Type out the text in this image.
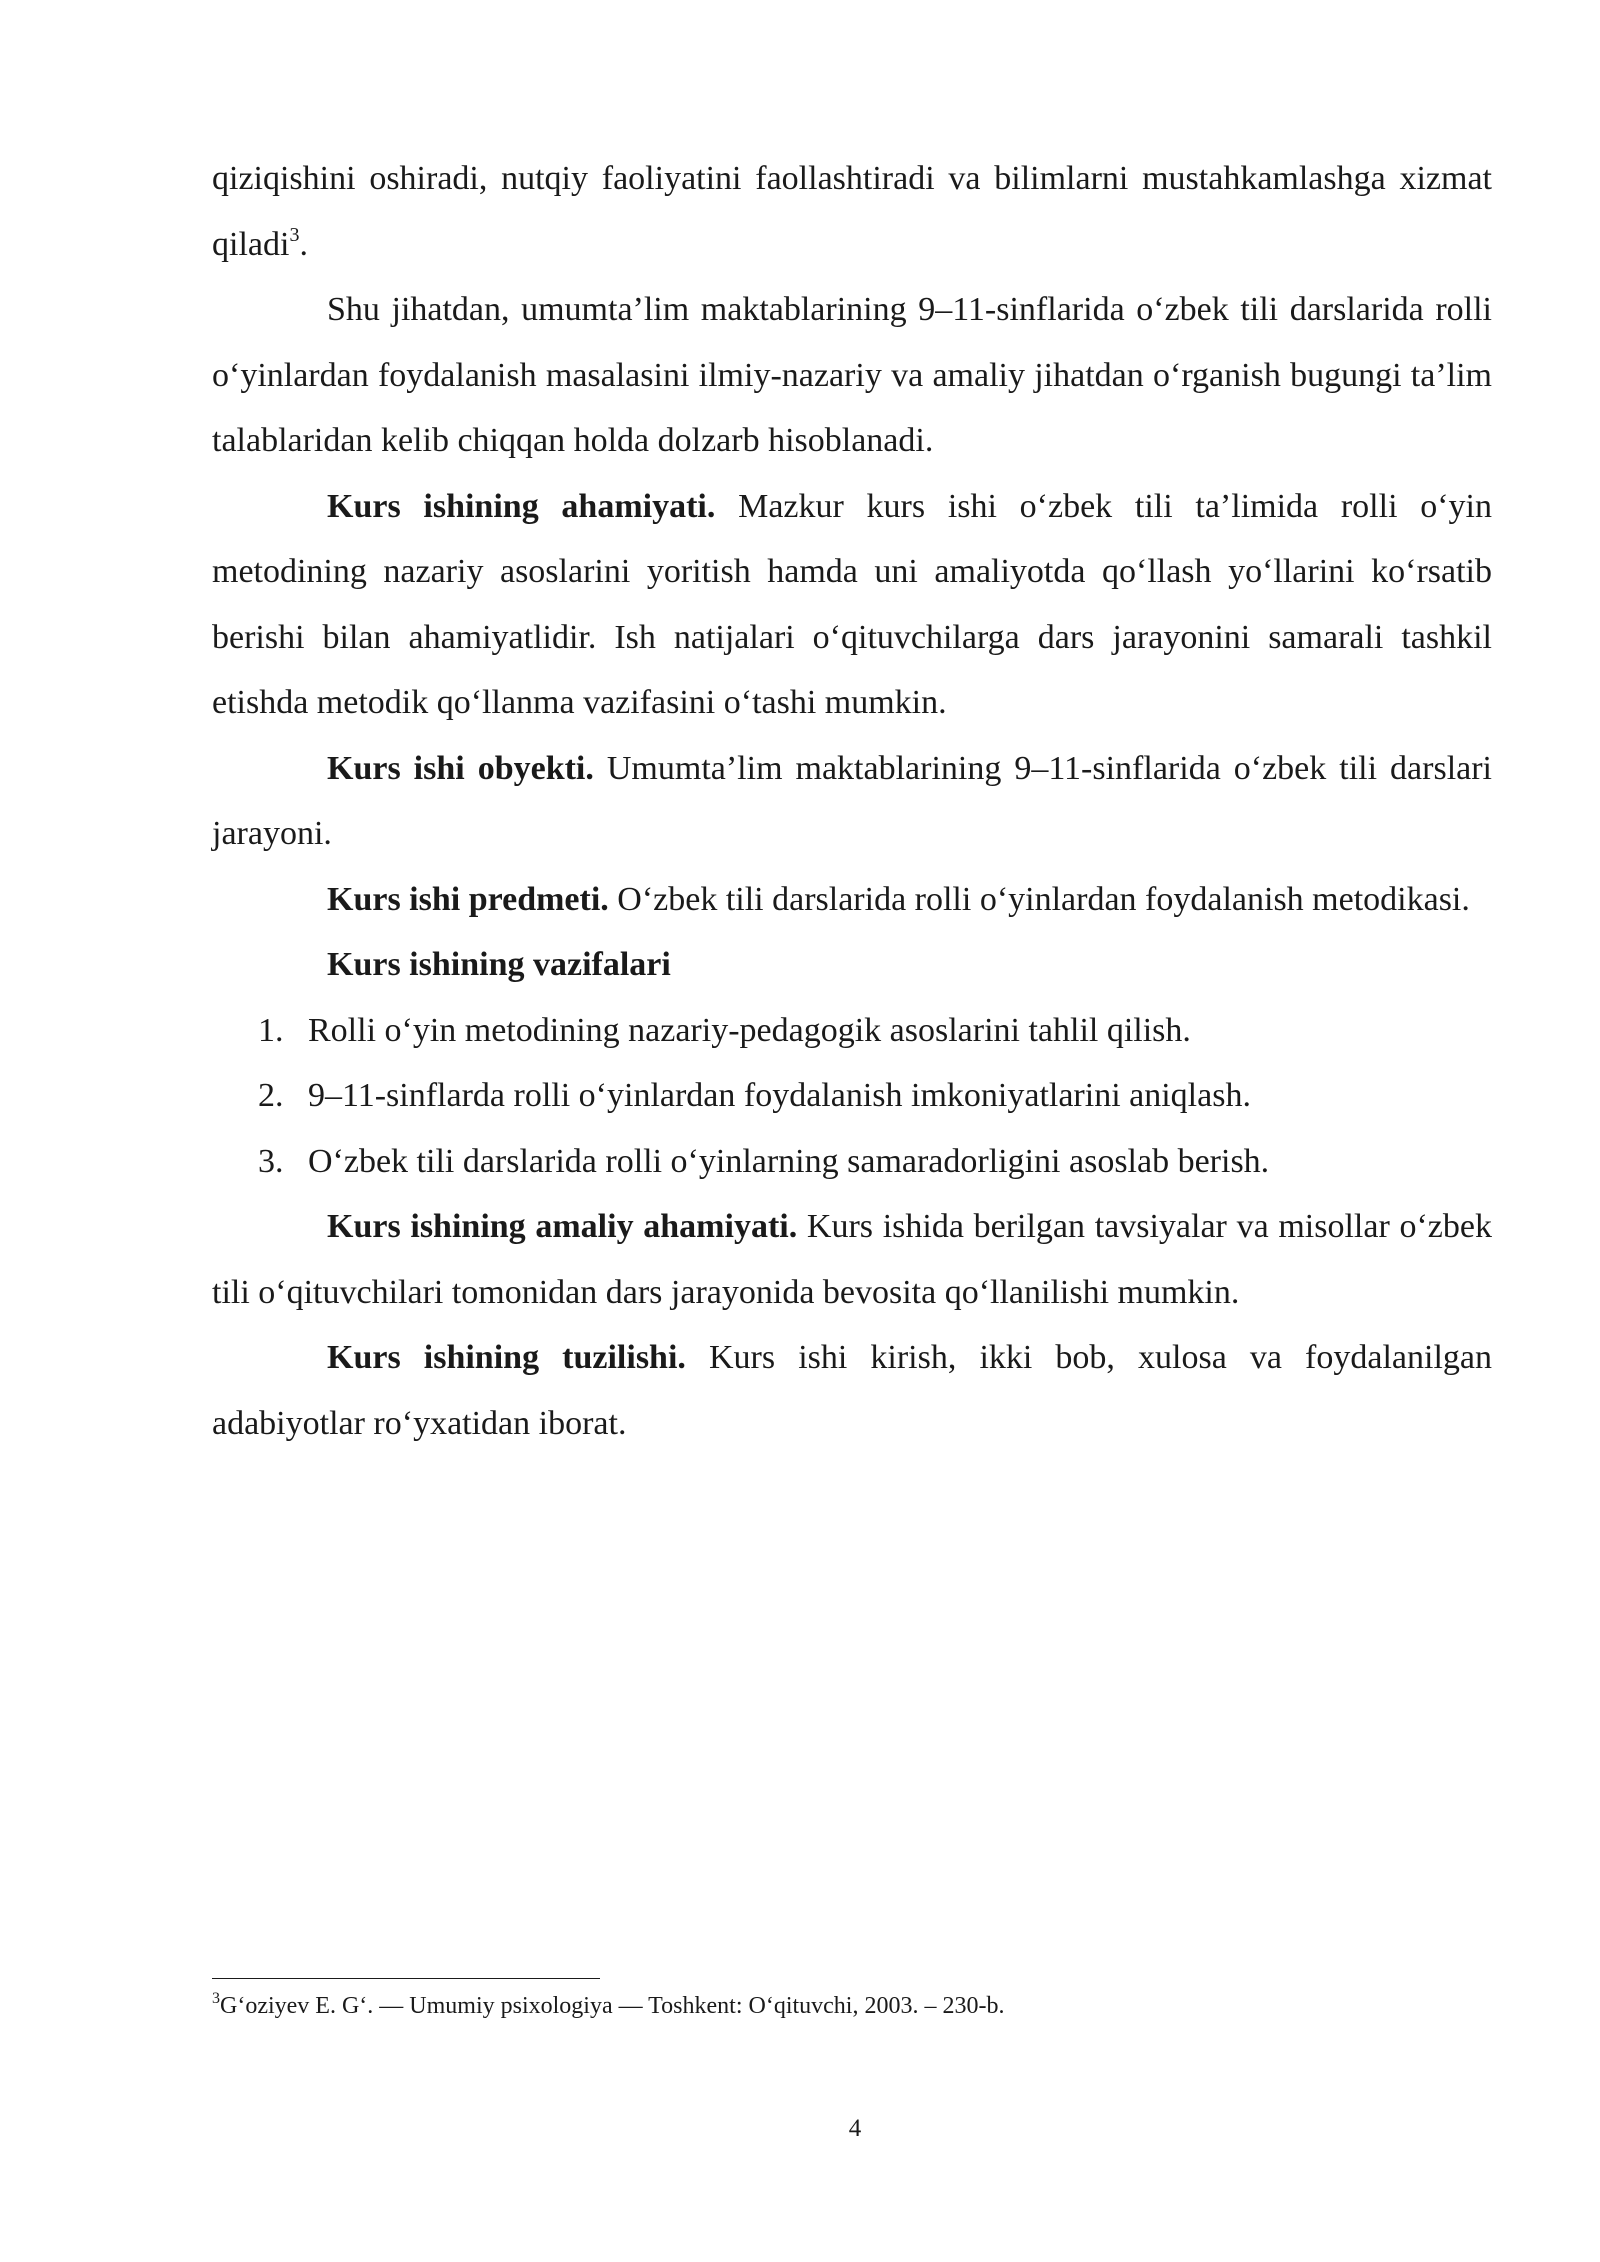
qiziqishini oshiradi, nutqiy faoliyatini faollashtiradi va bilimlarni mustahkamlashga xizmat qiladi$^3$.

Shu jihatdan, umumta’lim maktablarining 9–11-sinflarida o‘zbek tili darslarida rolli o‘yinlardan foydalanish masalasini ilmiy-nazariy va amaliy jihatdan o‘rganish bugungi ta’lim talablaridan kelib chiqqan holda dolzarb hisoblanadi.

Kurs ishining ahamiyati. Mazkur kurs ishi o‘zbek tili ta’limida rolli o‘yin metodining nazariy asoslarini yoritish hamda uni amaliyotda qo‘llash yo‘llarini ko‘rsatib berishi bilan ahamiyatlidir. Ish natijalari o‘qituvchilarga dars jarayonini samarali tashkil etishda metodik qo‘llanma vazifasini o‘tashi mumkin.

Kurs ishi obyekti. Umumta’lim maktablarining 9–11-sinflarida o‘zbek tili darslari jarayoni.

Kurs ishi predmeti. O‘zbek tili darslarida rolli o‘yinlardan foydalanish metodikasi.

Kurs ishining vazifalari

1. Rolli o‘yin metodining nazariy-pedagogik asoslarini tahlil qilish.
2. 9–11-sinflarda rolli o‘yinlardan foydalanish imkoniyatlarini aniqlash.
3. O‘zbek tili darslarida rolli o‘yinlarning samaradorligini asoslab berish.

Kurs ishining amaliy ahamiyati. Kurs ishida berilgan tavsiyalar va misollar o‘zbek tili o‘qituvchilari tomonidan dars jarayonida bevosita qo‘llanilishi mumkin.

Kurs ishining tuzilishi. Kurs ishi kirish, ikki bob, xulosa va foydalanilgan adabiyotlar ro‘yxatidan iborat.

$^3$G‘oziyev E. G‘. — Umumiy psixologiya — Toshkent: O‘qituvchi, 2003. – 230-b.
4
